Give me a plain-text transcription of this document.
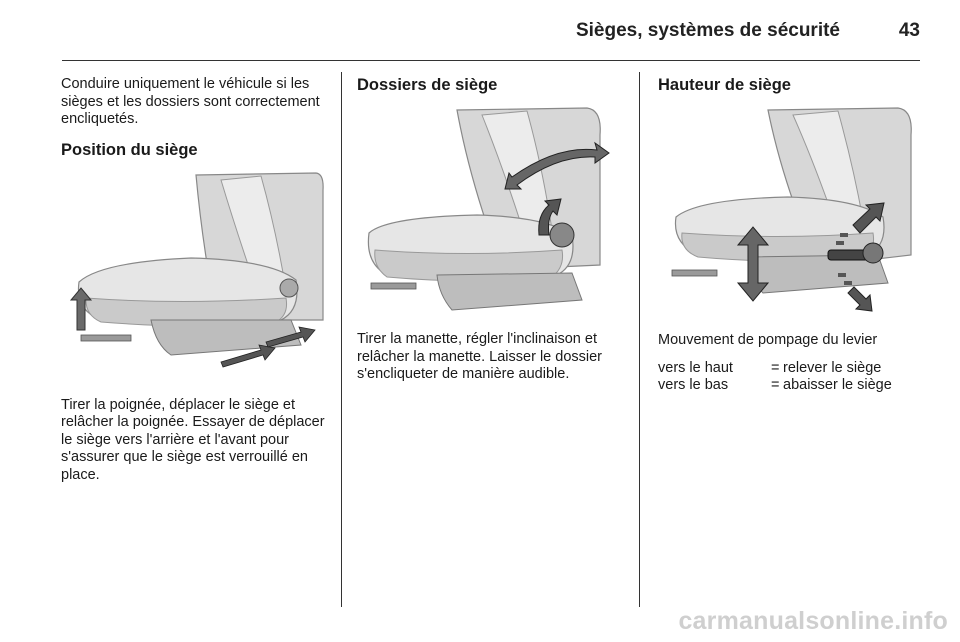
Sièges, systèmes de sécurité	43

Conduire uniquement le véhicule si les sièges et les dossiers sont correctement encliquetés.

Position du siège

Tirer la poignée, déplacer le siège et relâcher la poignée. Essayer de déplacer le siège vers l'arrière et l'avant pour s'assurer que le siège est verrouillé en place.

Dossiers de siège

Tirer la manette, régler l'inclinaison et relâcher la manette. Laisser le dossier s'encliqueter de manière audible.

Hauteur de siège

Mouvement de pompage du levier

vers le haut	= relever le siège
vers le bas	= abaisser le siège
carmanualsonline.info
